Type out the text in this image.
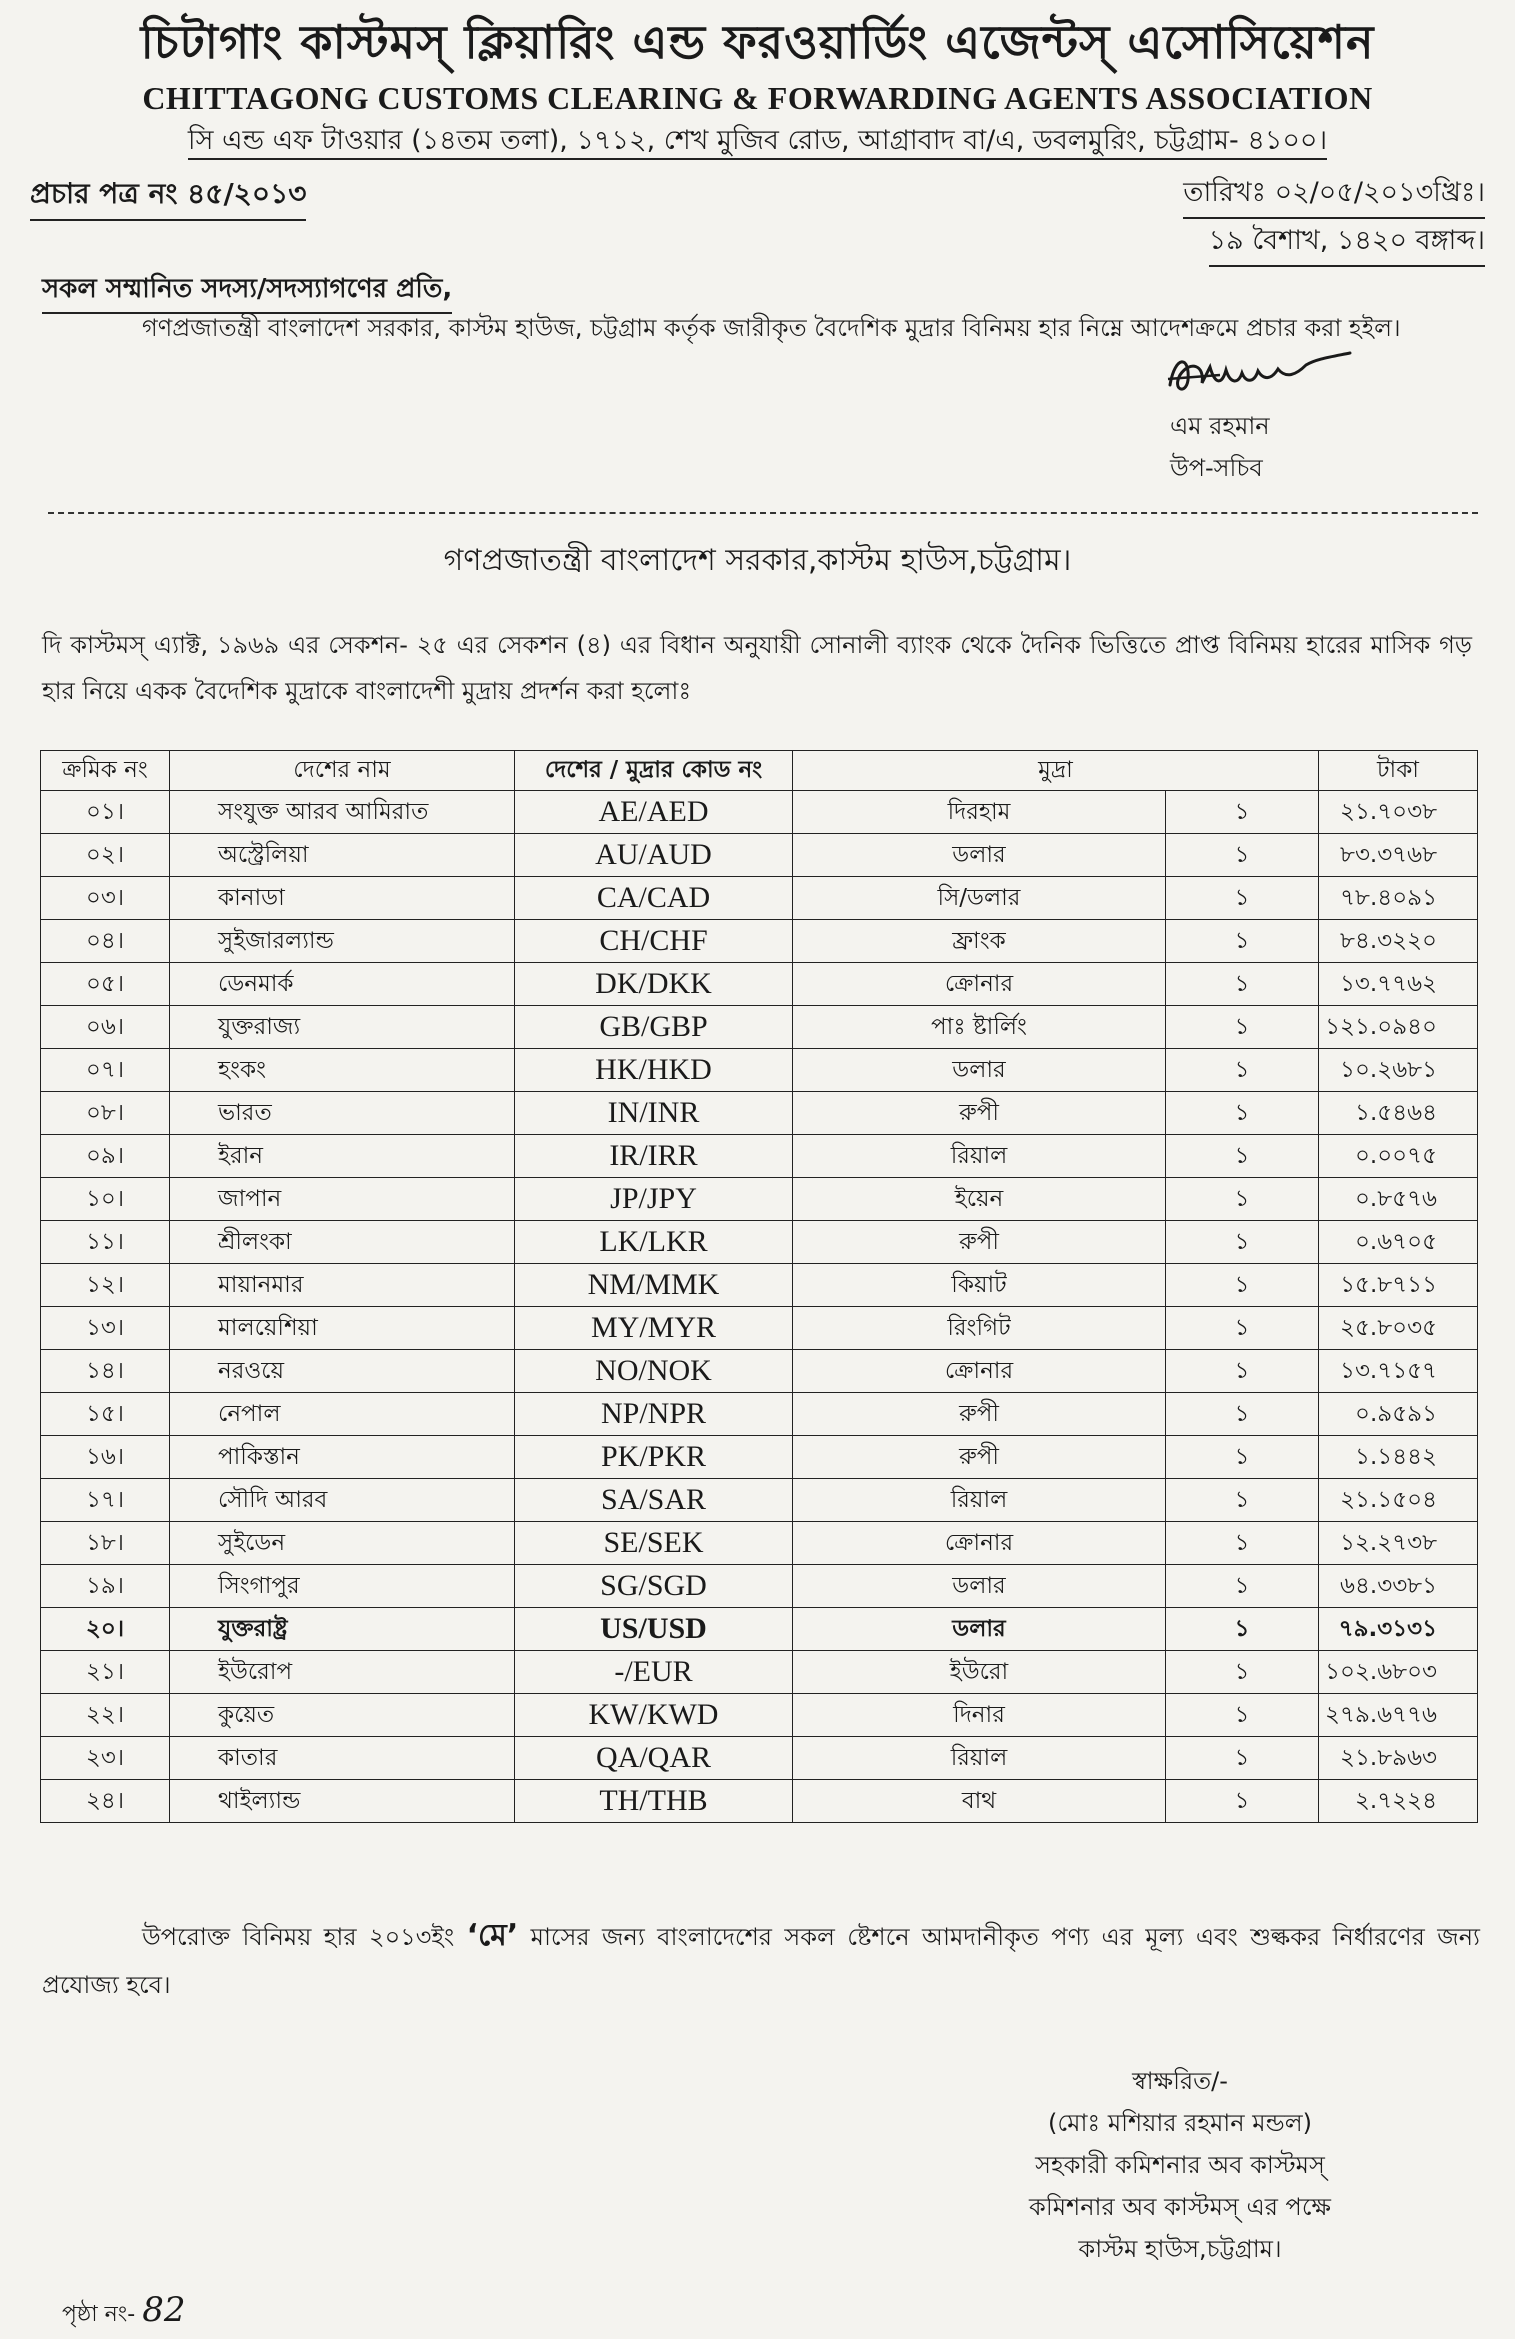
চিটাগাং কাস্টমস্ ক্লিয়ারিং এন্ড ফরওয়ার্ডিং এজেন্টস্ এসোসিয়েশন
CHITTAGONG CUSTOMS CLEARING & FORWARDING AGENTS ASSOCIATION
সি এন্ড এফ টাওয়ার (১৪তম তলা), ১৭১২, শেখ মুজিব রোড, আগ্রাবাদ বা/এ, ডবলমুরিং, চট্টগ্রাম- ৪১০০।
প্রচার পত্র নং ৪৫/২০১৩	তারিখঃ ০২/০৫/২০১৩খ্রিঃ।
১৯ বৈশাখ, ১৪২০ বঙ্গাব্দ।
সকল সম্মানিত সদস্য/সদস্যাগণের প্রতি,
গণপ্রজাতন্ত্রী বাংলাদেশ সরকার, কাস্টম হাউজ, চট্টগ্রাম কর্তৃক জারীকৃত বৈদেশিক মুদ্রার বিনিময় হার নিম্নে আদেশক্রমে প্রচার করা হইল।
এম রহমান
উপ-সচিব
গণপ্রজাতন্ত্রী বাংলাদেশ সরকার,কাস্টম হাউস,চট্টগ্রাম।
দি কাস্টমস্ এ্যাক্ট, ১৯৬৯ এর সেকশন- ২৫ এর সেকশন (৪) এর বিধান অনুযায়ী সোনালী ব্যাংক থেকে দৈনিক ভিত্তিতে প্রাপ্ত বিনিময় হারের মাসিক গড় হার নিয়ে একক বৈদেশিক মুদ্রাকে বাংলাদেশী মুদ্রায় প্রদর্শন করা হলোঃ
ক্রমিক নং	দেশের নাম	দেশের / মুদ্রার কোড নং	মুদ্রা		টাকা
০১।	সংযুক্ত আরব আমিরাত	AE/AED	দিরহাম	১	২১.৭০৩৮
০২।	অস্ট্রেলিয়া	AU/AUD	ডলার	১	৮৩.৩৭৬৮
০৩।	কানাডা	CA/CAD	সি/ডলার	১	৭৮.৪০৯১
০৪।	সুইজারল্যান্ড	CH/CHF	ফ্রাংক	১	৮৪.৩২২০
০৫।	ডেনমার্ক	DK/DKK	ক্রোনার	১	১৩.৭৭৬২
০৬।	যুক্তরাজ্য	GB/GBP	পাঃ ষ্টার্লিং	১	১২১.০৯৪০
০৭।	হংকং	HK/HKD	ডলার	১	১০.২৬৮১
০৮।	ভারত	IN/INR	রুপী	১	১.৫৪৬৪
০৯।	ইরান	IR/IRR	রিয়াল	১	০.০০৭৫
১০।	জাপান	JP/JPY	ইয়েন	১	০.৮৫৭৬
১১।	শ্রীলংকা	LK/LKR	রুপী	১	০.৬৭০৫
১২।	মায়ানমার	NM/MMK	কিয়াট	১	১৫.৮৭১১
১৩।	মালয়েশিয়া	MY/MYR	রিংগিট	১	২৫.৮০৩৫
১৪।	নরওয়ে	NO/NOK	ক্রোনার	১	১৩.৭১৫৭
১৫।	নেপাল	NP/NPR	রুপী	১	০.৯৫৯১
১৬।	পাকিস্তান	PK/PKR	রুপী	১	১.১৪৪২
১৭।	সৌদি আরব	SA/SAR	রিয়াল	১	২১.১৫০৪
১৮।	সুইডেন	SE/SEK	ক্রোনার	১	১২.২৭৩৮
১৯।	সিংগাপুর	SG/SGD	ডলার	১	৬৪.৩৩৮১
২০।	যুক্তরাষ্ট্র	US/USD	ডলার	১	৭৯.৩১৩১
২১।	ইউরোপ	-/EUR	ইউরো	১	১০২.৬৮০৩
২২।	কুয়েত	KW/KWD	দিনার	১	২৭৯.৬৭৭৬
২৩।	কাতার	QA/QAR	রিয়াল	১	২১.৮৯৬৩
২৪।	থাইল্যান্ড	TH/THB	বাথ	১	২.৭২২৪
উপরোক্ত বিনিময় হার ২০১৩ইং ‘মে’ মাসের জন্য বাংলাদেশের সকল ষ্টেশনে আমদানীকৃত পণ্য এর মূল্য এবং শুল্ককর নির্ধারণের জন্য প্রযোজ্য হবে।
স্বাক্ষরিত/-
(মোঃ মশিয়ার রহমান মন্ডল)
সহকারী কমিশনার অব কাস্টমস্
কমিশনার অব কাস্টমস্ এর পক্ষে
কাস্টম হাউস,চট্টগ্রাম।
পৃষ্ঠা নং- 82
